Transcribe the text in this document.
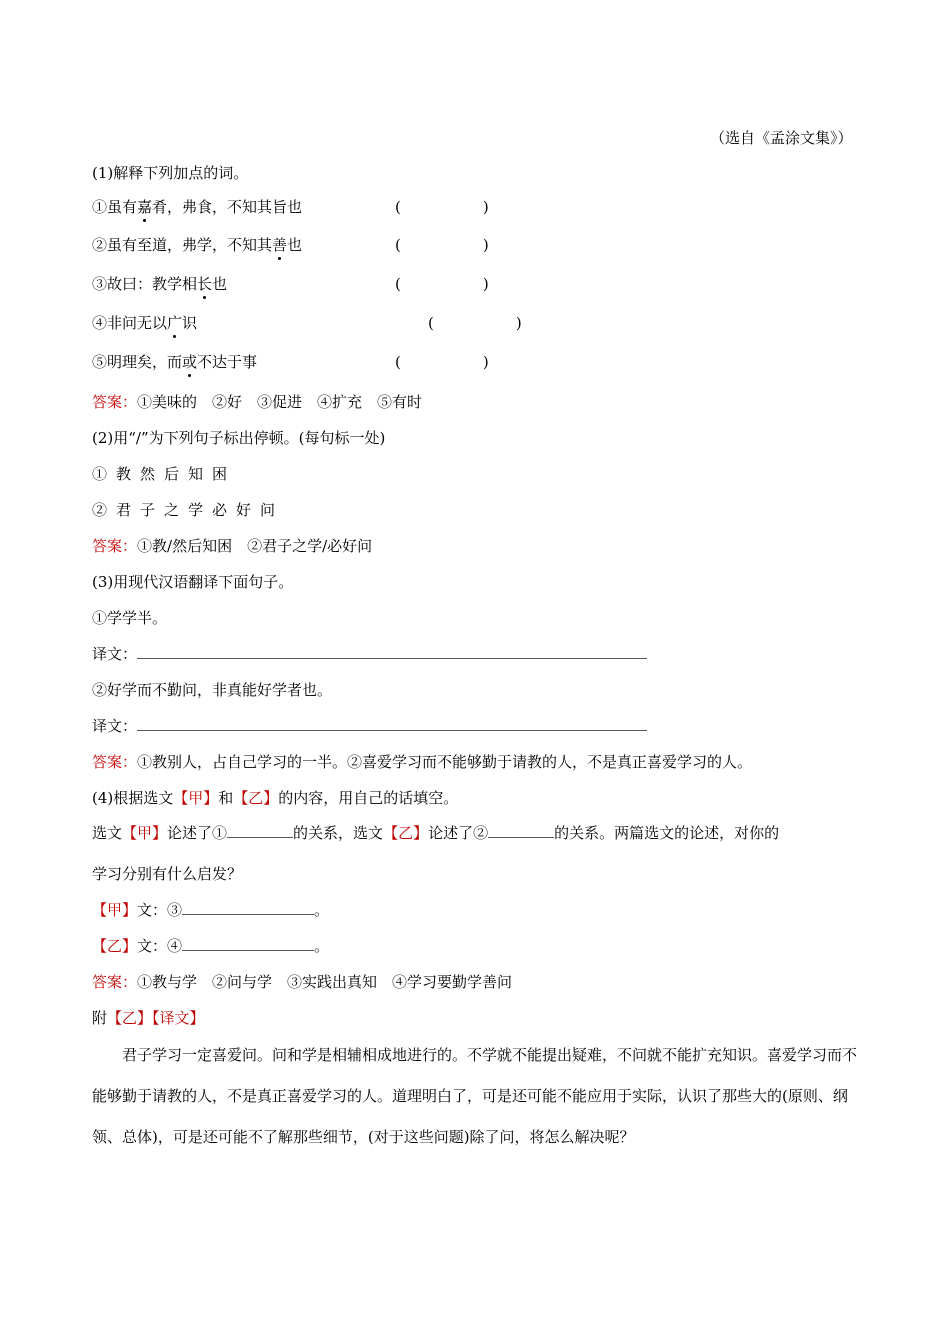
（选自《孟涂文集》）
(1)解释下列加点的词。
①虽有嘉肴，弗食，不知其旨也	(	)
②虽有至道，弗学，不知其善也	(	)
③故曰：教学相长也	(	)
④非问无以广识	(	)
⑤明理矣，而或不达于事	(	)
答案：①美味的　②好　③促进　④扩充　⑤有时
(2)用“/”为下列句子标出停顿。(每句标一处)
①教然后知困
②君子之学必好问
答案：①教/然后知困　②君子之学/必好问
(3)用现代汉语翻译下面句子。
①学学半。
译文：
②好学而不勤问，非真能好学者也。
译文：
答案：①教别人，占自己学习的一半。②喜爱学习而不能够勤于请教的人，不是真正喜爱学习的人。
(4)根据选文【甲】和【乙】的内容，用自己的话填空。
选文【甲】论述了①	的关系，选文【乙】论述了②	的关系。两篇选文的论述，对你的
学习分别有什么启发？
【甲】文：③	。
【乙】文：④	。
答案：①教与学　②问与学　③实践出真知　④学习要勤学善问
附【乙】【译文】
君子学习一定喜爱问。问和学是相辅相成地进行的。不学就不能提出疑难，不问就不能扩充知识。喜爱学习而不能够勤于请教的人，不是真正喜爱学习的人。道理明白了，可是还可能不能应用于实际，认识了那些大的(原则、纲领、总体)，可是还可能不了解那些细节，(对于这些问题)除了问，将怎么解决呢？
